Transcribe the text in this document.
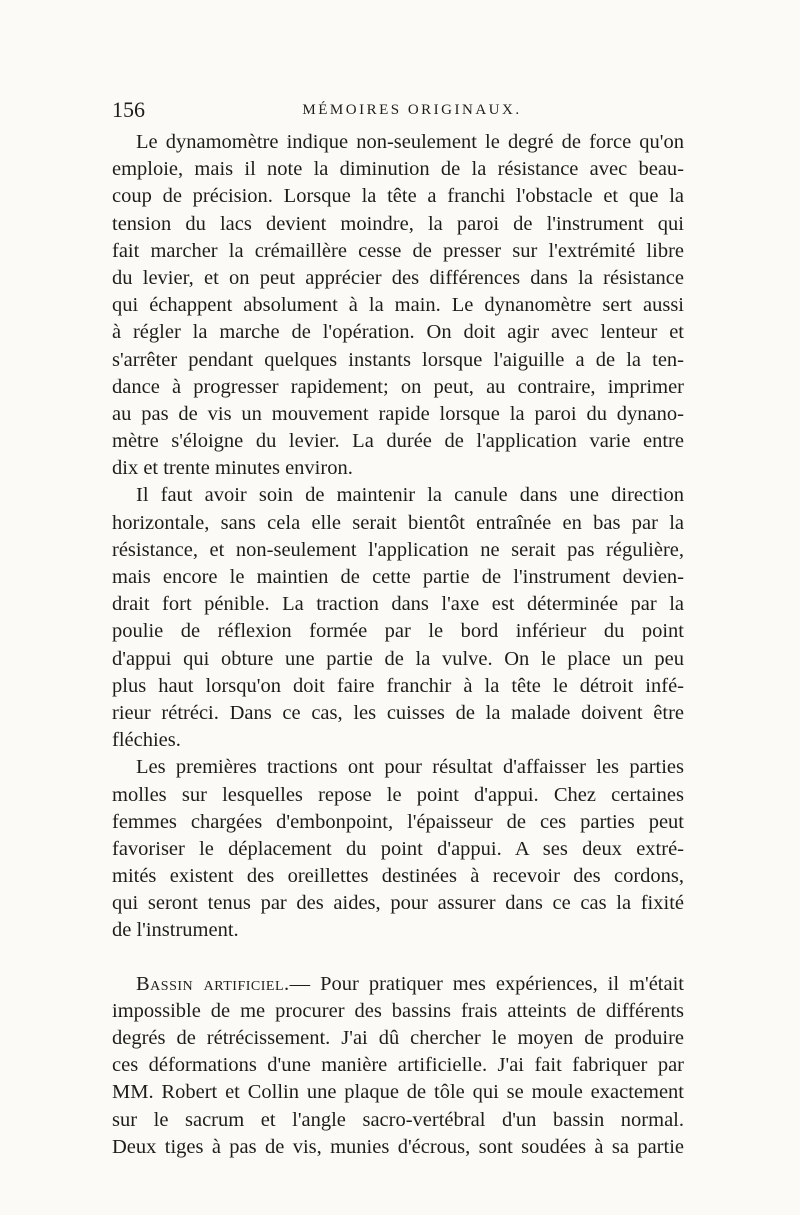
156	MÉMOIRES ORIGINAUX.
Le dynamomètre indique non-seulement le degré de force qu'on
emploie, mais il note la diminution de la résistance avec beau-
coup de précision. Lorsque la tête a franchi l'obstacle et que la
tension du lacs devient moindre, la paroi de l'instrument qui
fait marcher la crémaillère cesse de presser sur l'extrémité libre
du levier, et on peut apprécier des différences dans la résistance
qui échappent absolument à la main. Le dynanomètre sert aussi
à régler la marche de l'opération. On doit agir avec lenteur et
s'arrêter pendant quelques instants lorsque l'aiguille a de la ten-
dance à progresser rapidement; on peut, au contraire, imprimer
au pas de vis un mouvement rapide lorsque la paroi du dynano-
mètre s'éloigne du levier. La durée de l'application varie entre
dix et trente minutes environ.
Il faut avoir soin de maintenir la canule dans une direction
horizontale, sans cela elle serait bientôt entraînée en bas par la
résistance, et non-seulement l'application ne serait pas régulière,
mais encore le maintien de cette partie de l'instrument devien-
drait fort pénible. La traction dans l'axe est déterminée par la
poulie de réflexion formée par le bord inférieur du point
d'appui qui obture une partie de la vulve. On le place un peu
plus haut lorsqu'on doit faire franchir à la tête le détroit infé-
rieur rétréci. Dans ce cas, les cuisses de la malade doivent être
fléchies.
Les premières tractions ont pour résultat d'affaisser les parties
molles sur lesquelles repose le point d'appui. Chez certaines
femmes chargées d'embonpoint, l'épaisseur de ces parties peut
favoriser le déplacement du point d'appui. A ses deux extré-
mités existent des oreillettes destinées à recevoir des cordons,
qui seront tenus par des aides, pour assurer dans ce cas la fixité
de l'instrument.
Bassin artificiel.— Pour pratiquer mes expériences, il m'était
impossible de me procurer des bassins frais atteints de différents
degrés de rétrécissement. J'ai dû chercher le moyen de produire
ces déformations d'une manière artificielle. J'ai fait fabriquer par
MM. Robert et Collin une plaque de tôle qui se moule exactement
sur le sacrum et l'angle sacro-vertébral d'un bassin normal.
Deux tiges à pas de vis, munies d'écrous, sont soudées à sa partie
